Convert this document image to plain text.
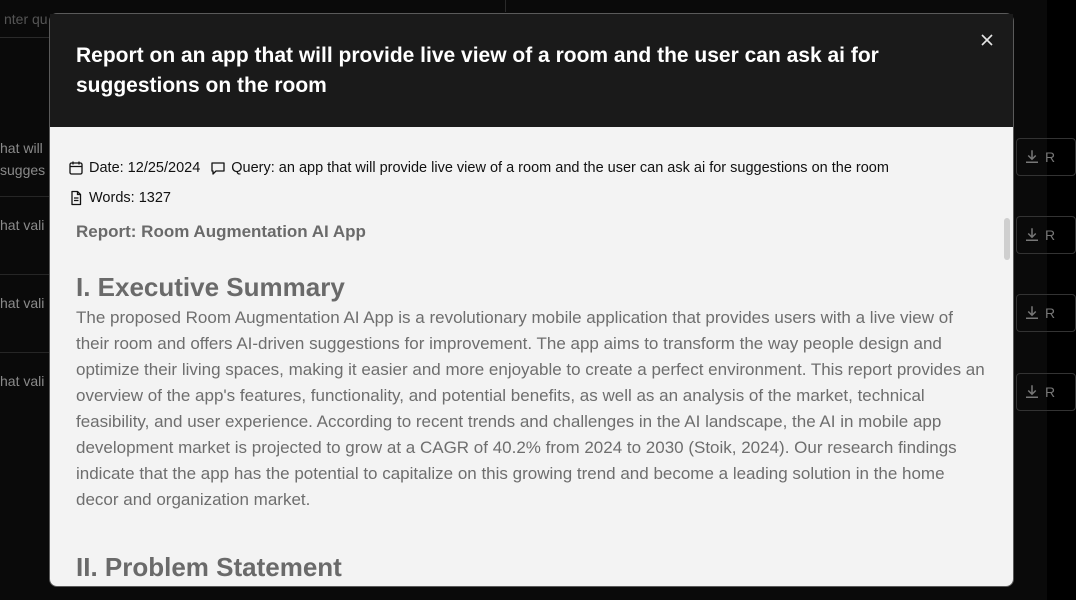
nter qu
hat will
sugges
hat vali
hat vali
hat vali
R
R
R
R
Report on an app that will provide live view of a room and the user can ask ai for suggestions on the room
Date: 12/25/2024 Query: an app that will provide live view of a room and the user can ask ai for suggestions on the room
Words: 1327
Report: Room Augmentation AI App
I. Executive Summary

The proposed Room Augmentation AI App is a revolutionary mobile application that provides users with a live view of their room and offers AI-driven suggestions for improvement. The app aims to transform the way people design and optimize their living spaces, making it easier and more enjoyable to create a perfect environment. This report provides an overview of the app's features, functionality, and potential benefits, as well as an analysis of the market, technical feasibility, and user experience. According to recent trends and challenges in the AI landscape, the AI in mobile app development market is projected to grow at a CAGR of 40.2% from 2024 to 2030 (Stoik, 2024). Our research findings indicate that the app has the potential to capitalize on this growing trend and become a leading solution in the home decor and organization market.

II. Problem Statement
